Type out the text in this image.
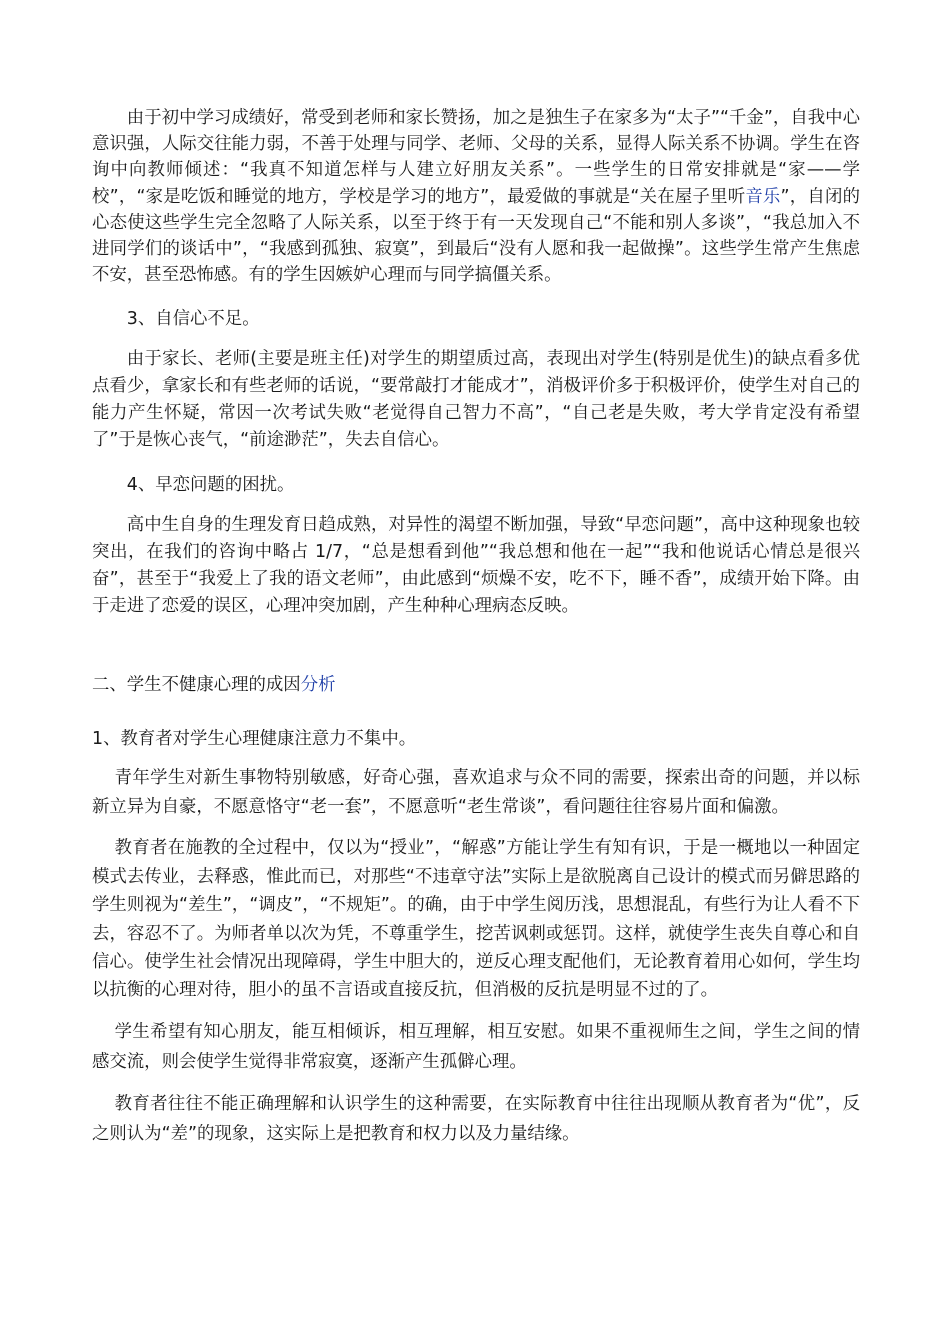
由于初中学习成绩好，常受到老师和家长赞扬，加之是独生子在家多为“太子”“千金”，自我中心意识强，人际交往能力弱，不善于处理与同学、老师、父母的关系，显得人际关系不协调。学生在咨询中向教师倾述：“我真不知道怎样与人建立好朋友关系”。一些学生的日常安排就是“家——学校”，“家是吃饭和睡觉的地方，学校是学习的地方”，最爱做的事就是“关在屋子里听音乐”，自闭的心态使这些学生完全忽略了人际关系，以至于终于有一天发现自己“不能和别人多谈”，“我总加入不进同学们的谈话中”，“我感到孤独、寂寞”，到最后“没有人愿和我一起做操”。这些学生常产生焦虑不安，甚至恐怖感。有的学生因嫉妒心理而与同学搞僵关系。

3、自信心不足。

由于家长、老师(主要是班主任)对学生的期望质过高，表现出对学生(特别是优生)的缺点看多优点看少，拿家长和有些老师的话说，“要常敲打才能成才”，消极评价多于积极评价，使学生对自己的能力产生怀疑，常因一次考试失败“老觉得自己智力不高”，“自己老是失败，考大学肯定没有希望了”于是恢心丧气，“前途渺茫”，失去自信心。

4、早恋问题的困扰。

高中生自身的生理发育日趋成熟，对异性的渴望不断加强，导致“早恋问题”，高中这种现象也较突出，在我们的咨询中略占 1/7，“总是想看到他”“我总想和他在一起”“我和他说话心情总是很兴奋”，甚至于“我爱上了我的语文老师”，由此感到“烦燥不安，吃不下，睡不香”，成绩开始下降。由于走进了恋爱的误区，心理冲突加剧，产生种种心理病态反映。

二、学生不健康心理的成因分析

1、教育者对学生心理健康注意力不集中。

青年学生对新生事物特别敏感，好奇心强，喜欢追求与众不同的需要，探索出奇的问题，并以标新立异为自豪，不愿意恪守“老一套”，不愿意听“老生常谈”，看问题往往容易片面和偏激。

教育者在施教的全过程中，仅以为“授业”，“解惑”方能让学生有知有识，于是一概地以一种固定模式去传业，去释惑，惟此而已，对那些“不违章守法”实际上是欲脱离自己设计的模式而另僻思路的学生则视为“差生”，“调皮”，“不规矩”。的确，由于中学生阅历浅，思想混乱，有些行为让人看不下去，容忍不了。为师者单以次为凭，不尊重学生，挖苦讽刺或惩罚。这样，就使学生丧失自尊心和自信心。使学生社会情况出现障碍，学生中胆大的，逆反心理支配他们，无论教育着用心如何，学生均以抗衡的心理对待，胆小的虽不言语或直接反抗，但消极的反抗是明显不过的了。

学生希望有知心朋友，能互相倾诉，相互理解，相互安慰。如果不重视师生之间，学生之间的情感交流，则会使学生觉得非常寂寞，逐渐产生孤僻心理。

教育者往往不能正确理解和认识学生的这种需要，在实际教育中往往出现顺从教育者为“优”，反之则认为“差”的现象，这实际上是把教育和权力以及力量结缘。
